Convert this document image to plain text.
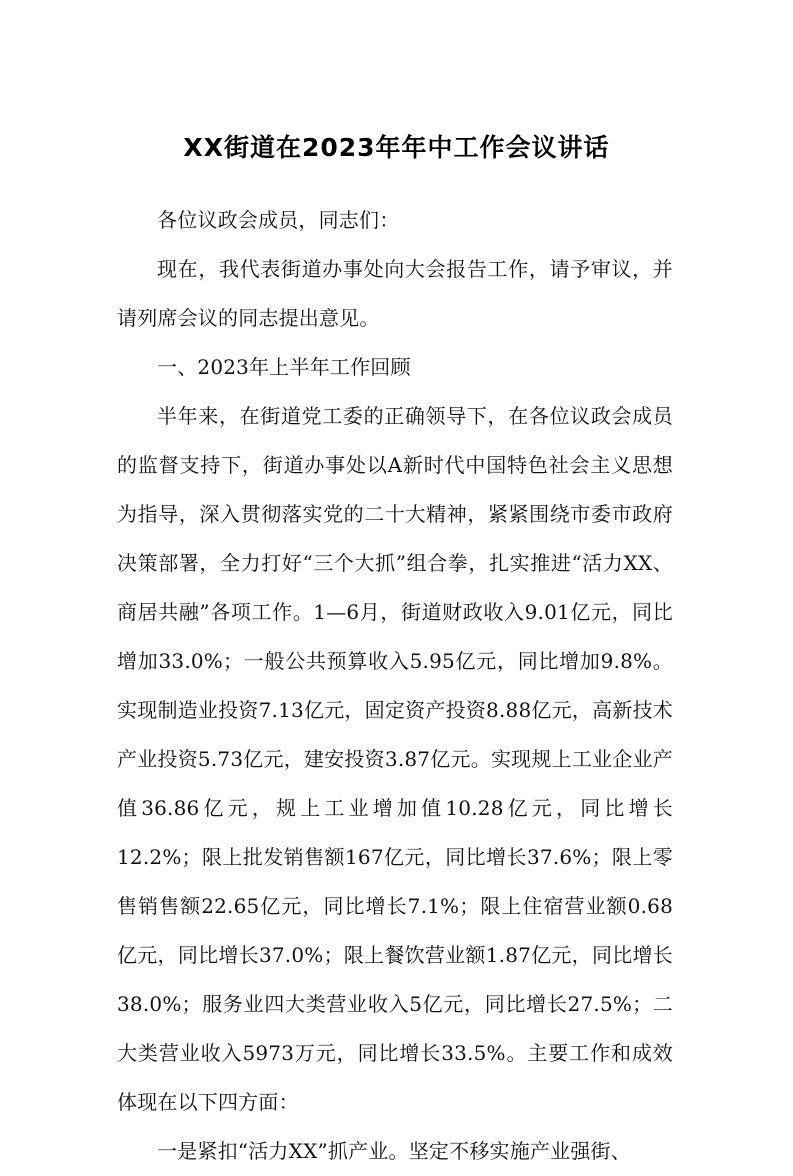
XX街道在2023年年中工作会议讲话

各位议政会成员，同志们：

现在，我代表街道办事处向大会报告工作，请予审议，并请列席会议的同志提出意见。

一、2023年上半年工作回顾

半年来，在街道党工委的正确领导下，在各位议政会成员的监督支持下，街道办事处以A新时代中国特色社会主义思想为指导，深入贯彻落实党的二十大精神，紧紧围绕市委市政府决策部署，全力打好“三个大抓”组合拳，扎实推进“活力XX、商居共融”各项工作。1—6月，街道财政收入9.01亿元，同比增加33.0%；一般公共预算收入5.95亿元，同比增加9.8%。实现制造业投资7.13亿元，固定资产投资8.88亿元，高新技术产业投资5.73亿元，建安投资3.87亿元。实现规上工业企业产值36.86亿元，规上工业增加值10.28亿元，同比增长12.2%；限上批发销售额167亿元，同比增长37.6%；限上零售销售额22.65亿元，同比增长7.1%；限上住宿营业额0.68亿元，同比增长37.0%；限上餐饮营业额1.87亿元，同比增长38.0%；服务业四大类营业收入5亿元，同比增长27.5%；二大类营业收入5973万元，同比增长33.5%。主要工作和成效体现在以下四方面：

一是紧扣“活力XX”抓产业。坚定不移实施产业强街、
